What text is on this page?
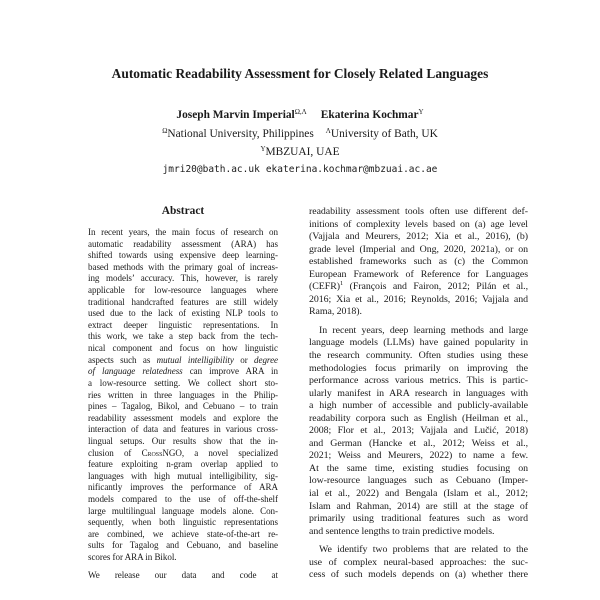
Automatic Readability Assessment for Closely Related Languages
Joseph Marvin Imperial$^{\Omega,\Lambda}$ Ekaterina Kochmar$^\Upsilon$
$^\Omega$National University, Philippines $^\Lambda$University of Bath, UK
$^\Upsilon$MBZUAI, UAE
jmri20@bath.ac.uk ekaterina.kochmar@mbzuai.ac.ae
Abstract
In recent years, the main focus of research on
automatic readability assessment (ARA) has
shifted towards using expensive deep learning-
based methods with the primary goal of increas-
ing models’ accuracy. This, however, is rarely
applicable for low-resource languages where
traditional handcrafted features are still widely
used due to the lack of existing NLP tools to
extract deeper linguistic representations. In
this work, we take a step back from the tech-
nical component and focus on how linguistic
aspects such as mutual intelligibility or degree
of language relatedness can improve ARA in
a low-resource setting. We collect short sto-
ries written in three languages in the Philip-
pines – Tagalog, Bikol, and Cebuano – to train
readability assessment models and explore the
interaction of data and features in various cross-
lingual setups. Our results show that the in-
clusion of CrossNGO, a novel specialized
feature exploiting n-gram overlap applied to
languages with high mutual intelligibility, sig-
nificantly improves the performance of ARA
models compared to the use of off-the-shelf
large multilingual language models alone. Con-
sequently, when both linguistic representations
are combined, we achieve state-of-the-art re-
sults for Tagalog and Cebuano, and baseline
scores for ARA in Bikol.
We release our data and code at
readability assessment tools often use different def-
initions of complexity levels based on (a) age level
(Vajjala and Meurers, 2012; Xia et al., 2016), (b)
grade level (Imperial and Ong, 2020, 2021a), or on
established frameworks such as (c) the Common
European Framework of Reference for Languages
(CEFR)$^1$ (François and Fairon, 2012; Pilán et al.,
2016; Xia et al., 2016; Reynolds, 2016; Vajjala and
Rama, 2018).
In recent years, deep learning methods and large
language models (LLMs) have gained popularity in
the research community. Often studies using these
methodologies focus primarily on improving the
performance across various metrics. This is partic-
ularly manifest in ARA research in languages with
a high number of accessible and publicly-available
readability corpora such as English (Heilman et al.,
2008; Flor et al., 2013; Vajjala and Lučić, 2018)
and German (Hancke et al., 2012; Weiss et al.,
2021; Weiss and Meurers, 2022) to name a few.
At the same time, existing studies focusing on
low-resource languages such as Cebuano (Imper-
ial et al., 2022) and Bengala (Islam et al., 2012;
Islam and Rahman, 2014) are still at the stage of
primarily using traditional features such as word
and sentence lengths to train predictive models.
We identify two problems that are related to the
use of complex neural-based approaches: the suc-
cess of such models depends on (a) whether there
